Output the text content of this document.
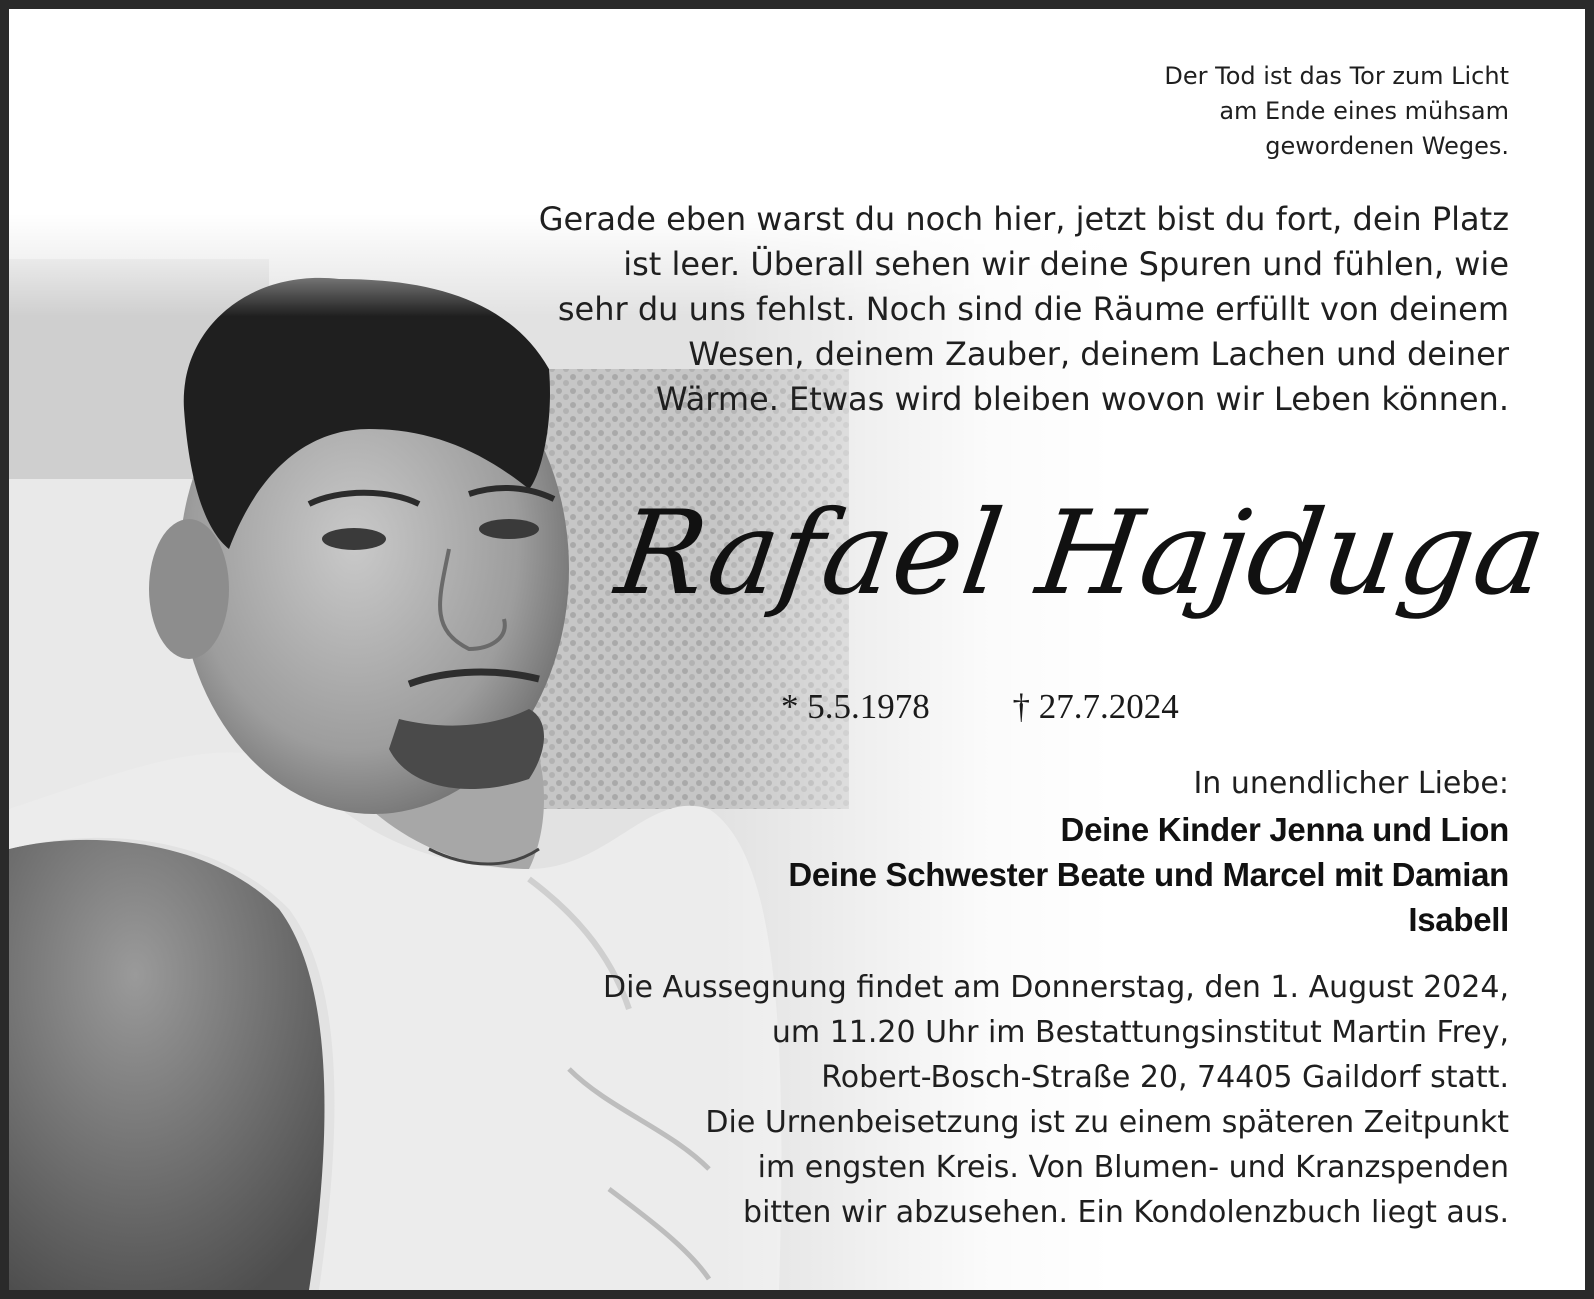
Der Tod ist das Tor zum Licht
am Ende eines mühsam
gewordenen Weges.
Gerade eben warst du noch hier, jetzt bist du fort, dein Platz
ist leer. Überall sehen wir deine Spuren und fühlen, wie
sehr du uns fehlst. Noch sind die Räume erfüllt von deinem
Wesen, deinem Zauber, deinem Lachen und deiner
Wärme. Etwas wird bleiben wovon wir Leben können.
Rafael Hajduga
* 5.5.1978 † 27.7.2024
In unendlicher Liebe:
Deine Kinder Jenna und Lion
Deine Schwester Beate und Marcel mit Damian
Isabell
Die Aussegnung findet am Donnerstag, den 1. August 2024,
um 11.20 Uhr im Bestattungsinstitut Martin Frey,
Robert-Bosch-Straße 20, 74405 Gaildorf statt.
Die Urnenbeisetzung ist zu einem späteren Zeitpunkt
im engsten Kreis. Von Blumen- und Kranzspenden
bitten wir abzusehen. Ein Kondolenzbuch liegt aus.
